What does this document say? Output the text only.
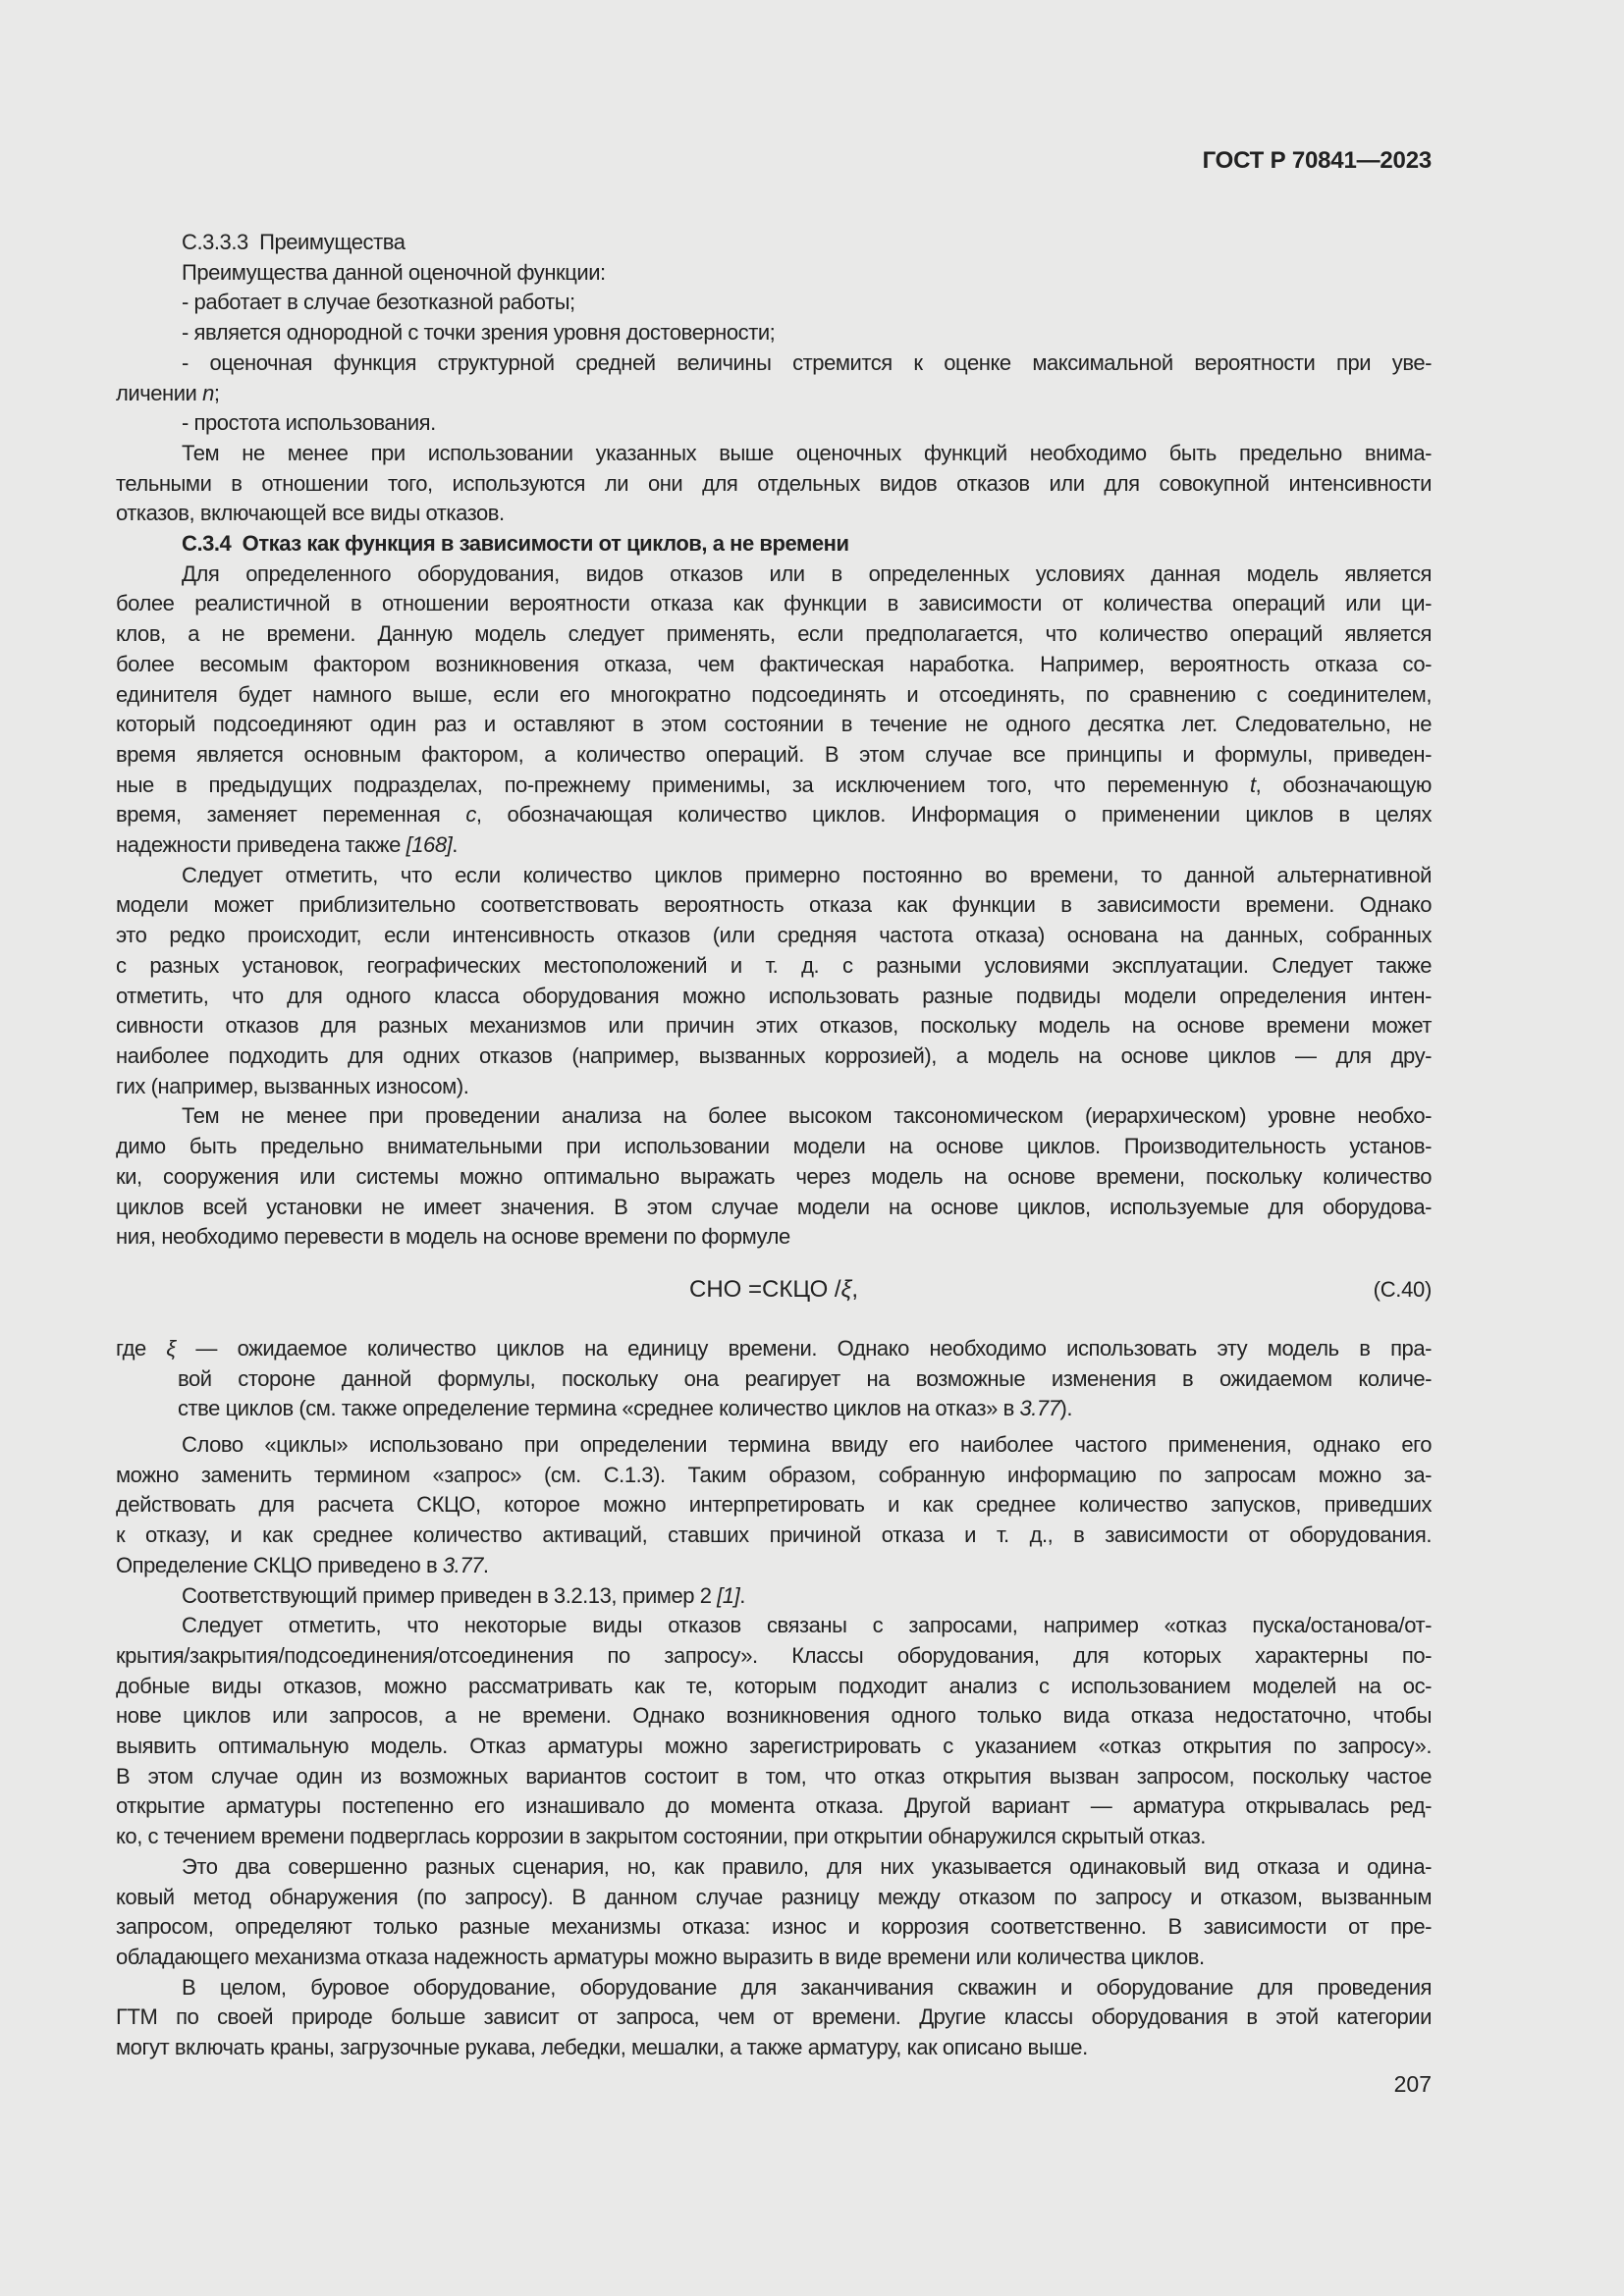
ГОСТ Р 70841—2023
С.3.3.3  Преимущества
Преимущества данной оценочной функции:
- работает в случае безотказной работы;
- является однородной с точки зрения уровня достоверности;
- оценочная функция структурной средней величины стремится к оценке максимальной вероятности при уве-
личении n;
- простота использования.
Тем не менее при использовании указанных выше оценочных функций необходимо быть предельно внима-
тельными в отношении того, используются ли они для отдельных видов отказов или для совокупной интенсивности
отказов, включающей все виды отказов.
С.3.4  Отказ как функция в зависимости от циклов, а не времени
Для определенного оборудования, видов отказов или в определенных условиях данная модель является
более реалистичной в отношении вероятности отказа как функции в зависимости от количества операций или ци-
клов, а не времени. Данную модель следует применять, если предполагается, что количество операций является
более весомым фактором возникновения отказа, чем фактическая наработка. Например, вероятность отказа со-
единителя будет намного выше, если его многократно подсоединять и отсоединять, по сравнению с соединителем,
который подсоединяют один раз и оставляют в этом состоянии в течение не одного десятка лет. Следовательно, не
время является основным фактором, а количество операций. В этом случае все принципы и формулы, приведен-
ные в предыдущих подразделах, по-прежнему применимы, за исключением того, что переменную t, обозначающую
время, заменяет переменная c, обозначающая количество циклов. Информация о применении циклов в целях
надежности приведена также [168].
Следует отметить, что если количество циклов примерно постоянно во времени, то данной альтернативной
модели может приблизительно соответствовать вероятность отказа как функции в зависимости времени. Однако
это редко происходит, если интенсивность отказов (или средняя частота отказа) основана на данных, собранных
с разных установок, географических местоположений и т. д. с разными условиями эксплуатации. Следует также
отметить, что для одного класса оборудования можно использовать разные подвиды модели определения интен-
сивности отказов для разных механизмов или причин этих отказов, поскольку модель на основе времени может
наиболее подходить для одних отказов (например, вызванных коррозией), а модель на основе циклов — для дру-
гих (например, вызванных износом).
Тем не менее при проведении анализа на более высоком таксономическом (иерархическом) уровне необхо-
димо быть предельно внимательными при использовании модели на основе циклов. Производительность установ-
ки, сооружения или системы можно оптимально выражать через модель на основе времени, поскольку количество
циклов всей установки не имеет значения. В этом случае модели на основе циклов, используемые для оборудова-
ния, необходимо перевести в модель на основе времени по формуле
СНО =СКЦО /ξ,	(С.40)
где ξ — ожидаемое количество циклов на единицу времени. Однако необходимо использовать эту модель в пра-
вой стороне данной формулы, поскольку она реагирует на возможные изменения в ожидаемом количе-
стве циклов (см. также определение термина «среднее количество циклов на отказ» в 3.77).
Слово «циклы» использовано при определении термина ввиду его наиболее частого применения, однако его
можно заменить термином «запрос» (см. С.1.3). Таким образом, собранную информацию по запросам можно за-
действовать для расчета СКЦО, которое можно интерпретировать и как среднее количество запусков, приведших
к отказу, и как среднее количество активаций, ставших причиной отказа и т. д., в зависимости от оборудования.
Определение СКЦО приведено в 3.77.
Соответствующий пример приведен в 3.2.13, пример 2 [1].
Следует отметить, что некоторые виды отказов связаны с запросами, например «отказ пуска/останова/от-
крытия/закрытия/подсоединения/отсоединения по запросу». Классы оборудования, для которых характерны по-
добные виды отказов, можно рассматривать как те, которым подходит анализ с использованием моделей на ос-
нове циклов или запросов, а не времени. Однако возникновения одного только вида отказа недостаточно, чтобы
выявить оптимальную модель. Отказ арматуры можно зарегистрировать с указанием «отказ открытия по запросу».
В этом случае один из возможных вариантов состоит в том, что отказ открытия вызван запросом, поскольку частое
открытие арматуры постепенно его изнашивало до момента отказа. Другой вариант — арматура открывалась ред-
ко, с течением времени подверглась коррозии в закрытом состоянии, при открытии обнаружился скрытый отказ.
Это два совершенно разных сценария, но, как правило, для них указывается одинаковый вид отказа и одина-
ковый метод обнаружения (по запросу). В данном случае разницу между отказом по запросу и отказом, вызванным
запросом, определяют только разные механизмы отказа: износ и коррозия соответственно. В зависимости от пре-
обладающего механизма отказа надежность арматуры можно выразить в виде времени или количества циклов.
В целом, буровое оборудование, оборудование для заканчивания скважин и оборудование для проведения
ГТМ по своей природе больше зависит от запроса, чем от времени. Другие классы оборудования в этой категории
могут включать краны, загрузочные рукава, лебедки, мешалки, а также арматуру, как описано выше.
207
